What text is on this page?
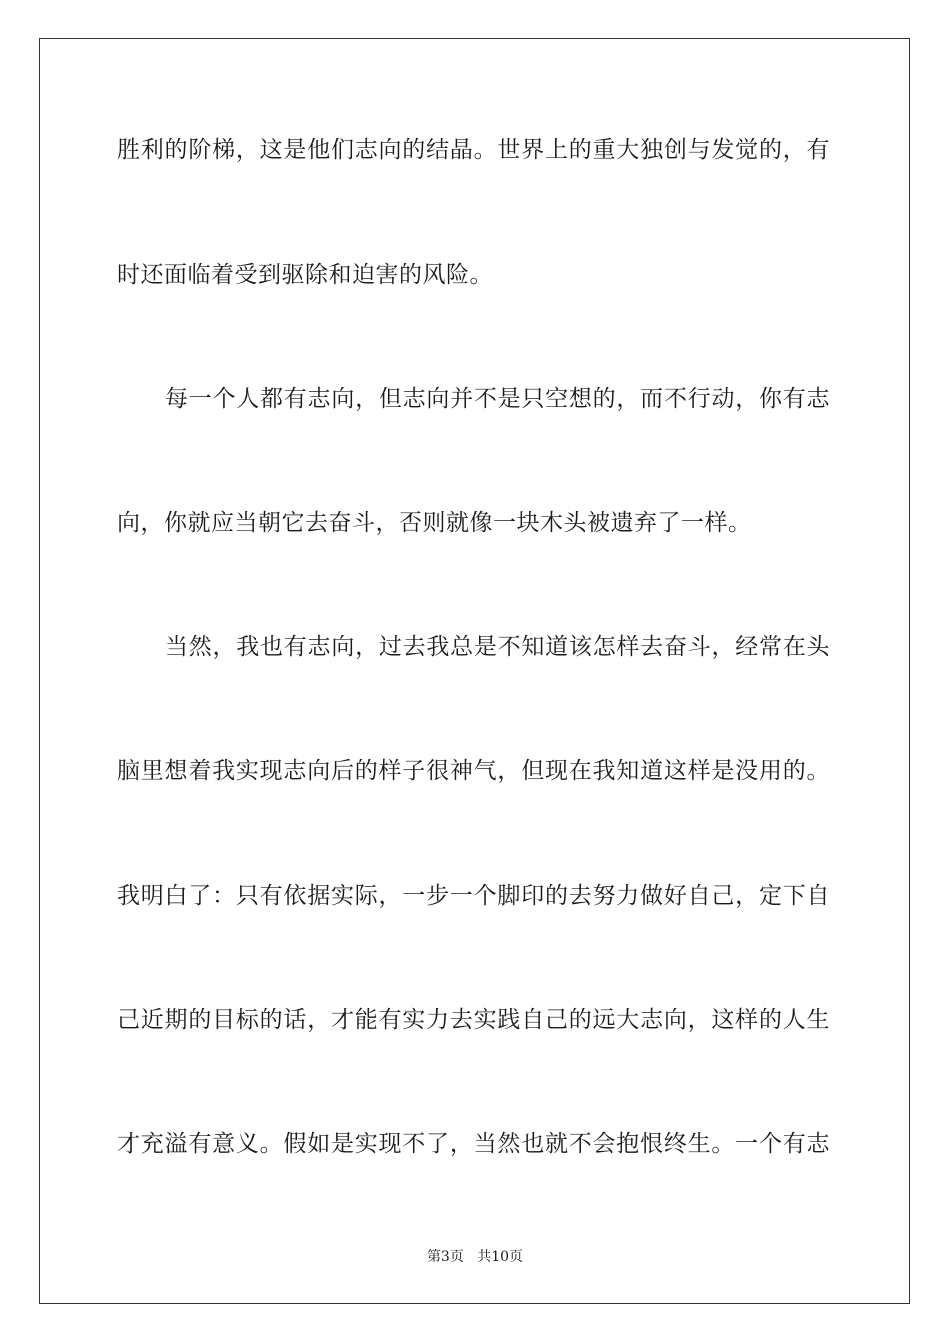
胜利的阶梯，这是他们志向的结晶。世界上的重大独创与发觉的，有
时还面临着受到驱除和迫害的风险。
每一个人都有志向，但志向并不是只空想的，而不行动，你有志
向，你就应当朝它去奋斗，否则就像一块木头被遗弃了一样。
当然，我也有志向，过去我总是不知道该怎样去奋斗，经常在头
脑里想着我实现志向后的样子很神气，但现在我知道这样是没用的。
我明白了：只有依据实际，一步一个脚印的去努力做好自己，定下自
己近期的目标的话，才能有实力去实践自己的远大志向，这样的人生
才充溢有意义。假如是实现不了，当然也就不会抱恨终生。一个有志
第3页 共10页
